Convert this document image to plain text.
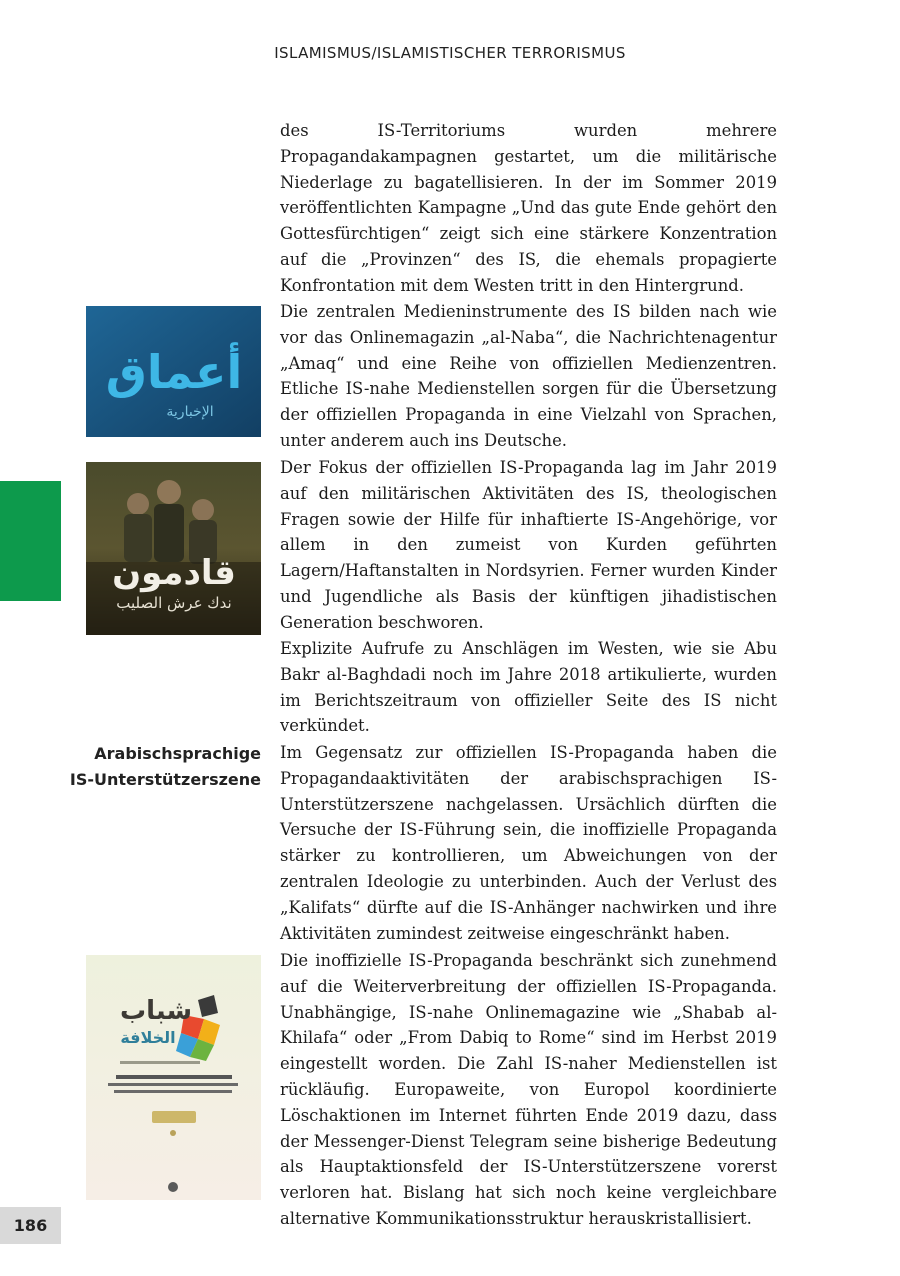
ISLAMISMUS/ISLAMISTISCHER TERRORISMUS

des IS-Territoriums wurden mehrere Propagandakampagnen gestartet, um die militärische Niederlage zu bagatellisieren. In der im Sommer 2019 veröffentlichten Kampagne „Und das gute Ende gehört den Gottesfürchtigen“ zeigt sich eine stärkere Konzentration auf die „Provinzen“ des IS, die ehemals propagierte Konfrontation mit dem Westen tritt in den Hintergrund.

Die zentralen Medieninstrumente des IS bilden nach wie vor das Onlinemagazin „al-Naba“, die Nachrichtenagentur „Amaq“ und eine Reihe von offiziellen Medienzentren. Etliche IS-nahe Medienstellen sorgen für die Übersetzung der offiziellen Propaganda in eine Vielzahl von Sprachen, unter anderem auch ins Deutsche.

Der Fokus der offiziellen IS-Propaganda lag im Jahr 2019 auf den militärischen Aktivitäten des IS, theologischen Fragen sowie der Hilfe für inhaftierte IS-Angehörige, vor allem in den zumeist von Kurden geführten Lagern/Haftanstalten in Nordsyrien. Ferner wurden Kinder und Jugendliche als Basis der künftigen jihadistischen Generation beschworen.

Explizite Aufrufe zu Anschlägen im Westen, wie sie Abu Bakr al-Baghdadi noch im Jahre 2018 artikulierte, wurden im Berichtszeitraum von offizieller Seite des IS nicht verkündet.

Im Gegensatz zur offiziellen IS-Propaganda haben die Propagandaaktivitäten der arabischsprachigen IS-Unterstützerszene nachgelassen. Ursächlich dürften die Versuche der IS-Führung sein, die inoffizielle Propaganda stärker zu kontrollieren, um Abweichungen von der zentralen Ideologie zu unterbinden. Auch der Verlust des „Kalifats“ dürfte auf die IS-Anhänger nachwirken und ihre Aktivitäten zumindest zeitweise eingeschränkt haben.

Die inoffizielle IS-Propaganda beschränkt sich zunehmend auf die Weiterverbreitung der offiziellen IS-Propaganda. Unabhängige, IS-nahe Onlinemagazine wie „Shabab al-Khilafa“ oder „From Dabiq to Rome“ sind im Herbst 2019 eingestellt worden. Die Zahl IS-naher Medienstellen ist rückläufig. Europaweite, von Europol koordinierte Löschaktionen im Internet führten Ende 2019 dazu, dass der Messenger-Dienst Telegram seine bisherige Bedeutung als Hauptaktionsfeld der IS-Unterstützerszene vorerst verloren hat. Bislang hat sich noch keine vergleichbare alternative Kommunikationsstruktur herauskristallisiert.

Arabischsprachige
IS-Unterstützerszene
أعماق
الإخبارية
قادمون
ندك عرش الصليب
شباب
الخلافة
186
